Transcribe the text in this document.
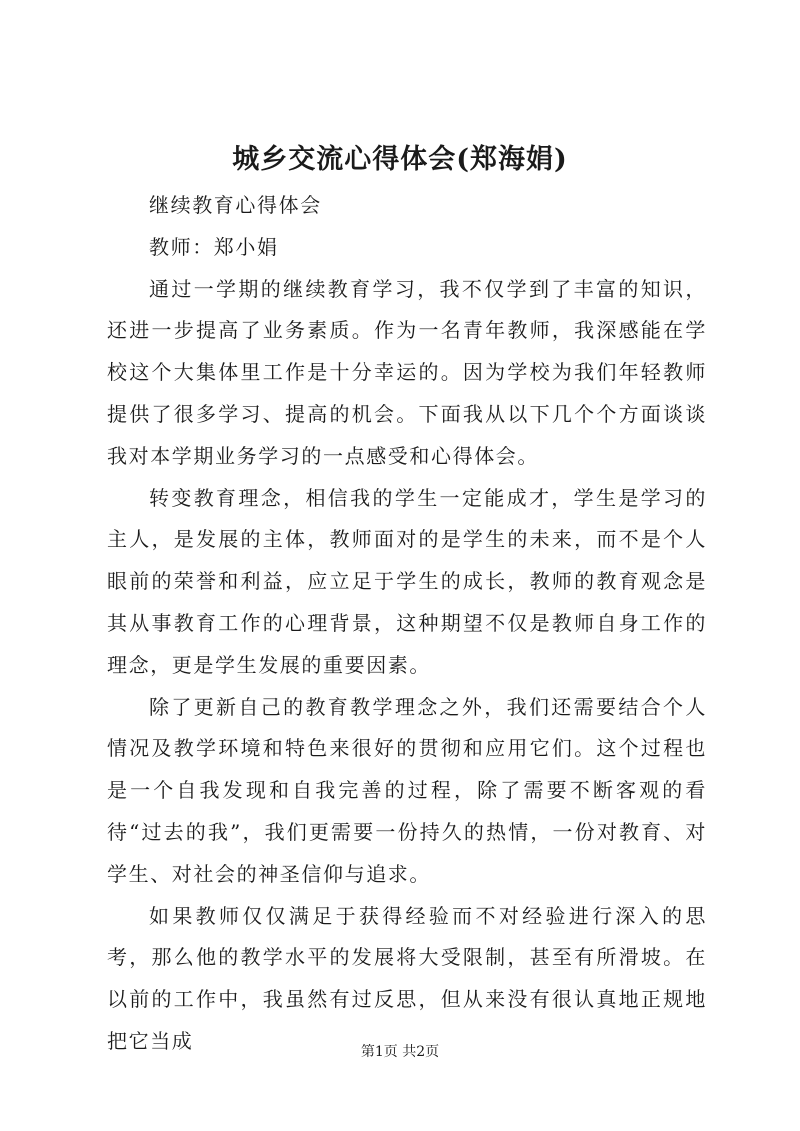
城乡交流心得体会(郑海娟)

继续教育心得体会

教师：郑小娟

通过一学期的继续教育学习，我不仅学到了丰富的知识，还进一步提高了业务素质。作为一名青年教师，我深感能在学校这个大集体里工作是十分幸运的。因为学校为我们年轻教师提供了很多学习、提高的机会。下面我从以下几个个方面谈谈我对本学期业务学习的一点感受和心得体会。

转变教育理念，相信我的学生一定能成才，学生是学习的主人，是发展的主体，教师面对的是学生的未来，而不是个人眼前的荣誉和利益，应立足于学生的成长，教师的教育观念是其从事教育工作的心理背景，这种期望不仅是教师自身工作的理念，更是学生发展的重要因素。

除了更新自己的教育教学理念之外，我们还需要结合个人情况及教学环境和特色来很好的贯彻和应用它们。这个过程也是一个自我发现和自我完善的过程，除了需要不断客观的看待“过去的我”，我们更需要一份持久的热情，一份对教育、对学生、对社会的神圣信仰与追求。

如果教师仅仅满足于获得经验而不对经验进行深入的思考，那么他的教学水平的发展将大受限制，甚至有所滑坡。在以前的工作中，我虽然有过反思，但从来没有很认真地正规地把它当成	第1页 共2页
